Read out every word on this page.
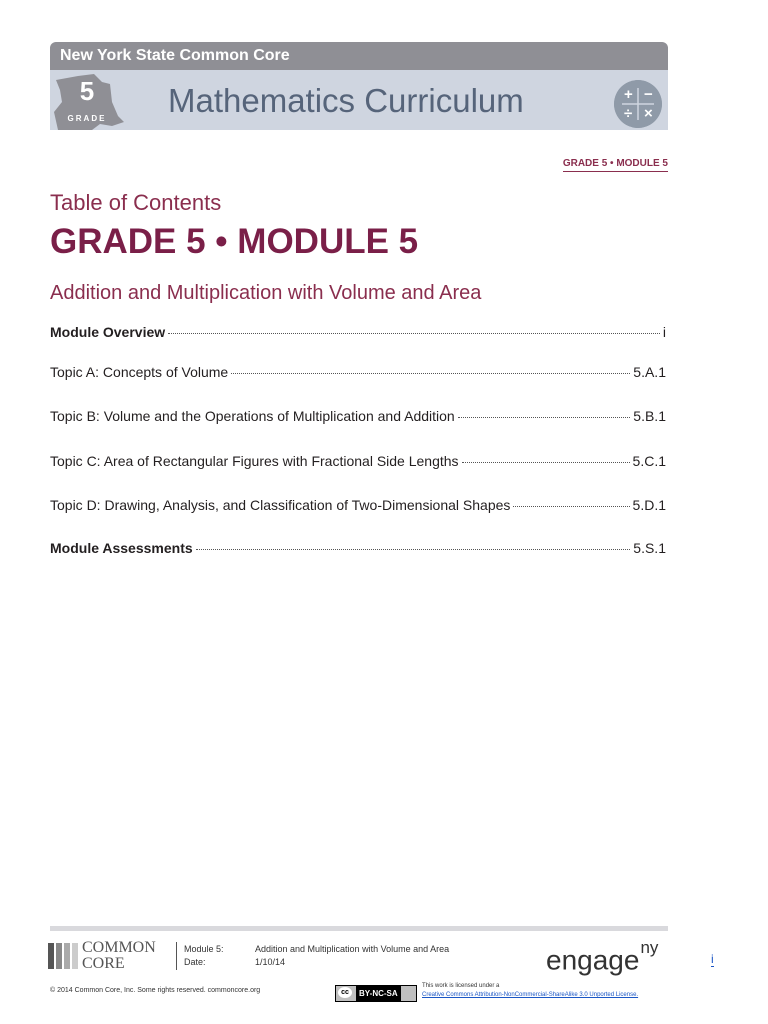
New York State Common Core
5
GRADE Mathematics Curriculum	+ −
÷ ×
GRADE 5 • MODULE 5
Table of Contents
GRADE 5 • MODULE 5
Addition and Multiplication with Volume and Area
Module Overview	i
Topic A: Concepts of Volume	5.A.1
Topic B: Volume and the Operations of Multiplication and Addition	5.B.1
Topic C: Area of Rectangular Figures with Fractional Side Lengths	5.C.1
Topic D: Drawing, Analysis, and Classification of Two-Dimensional Shapes	5.D.1
Module Assessments	5.S.1
COMMON
CORE
Module 5:	Addition and Multiplication with Volume and Area
Date:	1/10/14	engage$^{ny}$
i
© 2014 Common Core, Inc. Some rights reserved. commoncore.org	cc	BY-NC-SA
This work is licensed under a
Creative Commons Attribution-NonCommercial-ShareAlike 3.0 Unported License.
